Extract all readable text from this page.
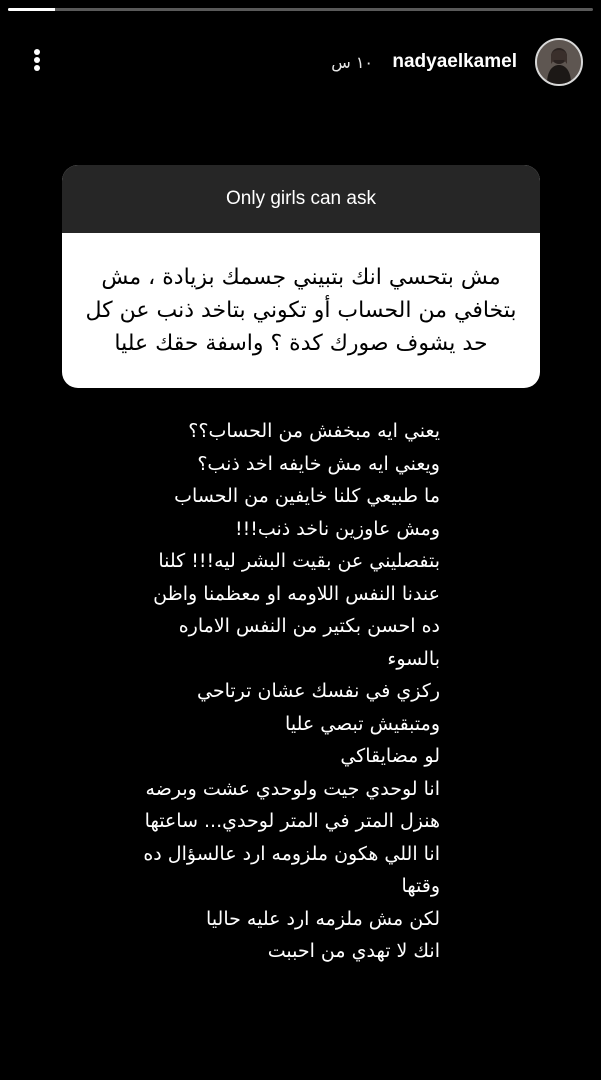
١٠ س nadyaelkamel
Only girls can ask
مش بتحسي انك بتبيني جسمك بزيادة ، مش بتخافي من الحساب أو تكوني بتاخد ذنب عن كل حد يشوف صورك كدة ؟ واسفة حقك عليا
يعني ايه مبخفش من الحساب؟؟
ويعني ايه مش خايفه اخد ذنب؟
ما طبيعي كلنا خايفين من الحساب
ومش عاوزين ناخد ذنب!!!
بتفصليني عن بقيت البشر ليه!!! كلنا
عندنا النفس اللاومه او معظمنا واظن
ده احسن بكتير من النفس الاماره
بالسوء
ركزي في نفسك عشان ترتاحي
ومتبقيش تبصي عليا
لو مضايقاكي
انا لوحدي جيت ولوحدي عشت وبرضه
هنزل المتر في المتر لوحدي... ساعتها
انا اللي هكون ملزومه ارد عالسؤال ده
وقتها
لكن مش ملزمه ارد عليه حاليا
انك لا تهدي من احببت
